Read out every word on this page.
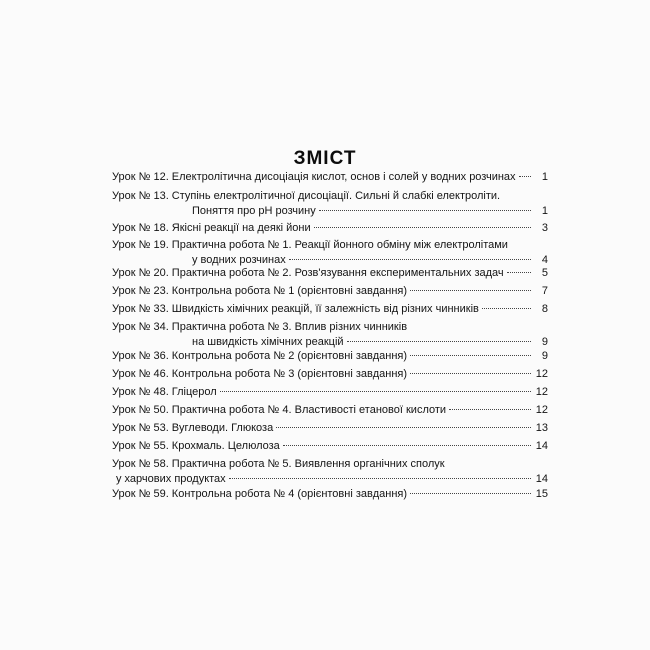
ЗМІСТ
Урок № 12. Електролітична дисоціація кислот, основ і солей у водних розчинах	1
Урок № 13. Ступінь електролітичної дисоціації. Сильні й слабкі електроліти.
Поняття про pH розчину	1
Урок № 18. Якісні реакції на деякі йони	3
Урок № 19. Практична робота № 1. Реакції йонного обміну між електролітами
у водних розчинах	4
Урок № 20. Практична робота № 2. Розв'язування експериментальних задач	5
Урок № 23. Контрольна робота № 1 (орієнтовні завдання)	7
Урок № 33. Швидкість хімічних реакцій, її залежність від різних чинників	8
Урок № 34. Практична робота № 3. Вплив різних чинників
на швидкість хімічних реакцій	9
Урок № 36. Контрольна робота № 2 (орієнтовні завдання)	9
Урок № 46. Контрольна робота № 3 (орієнтовні завдання)	12
Урок № 48. Гліцерол	12
Урок № 50. Практична робота № 4. Властивості етанової кислоти	12
Урок № 53. Вуглеводи. Глюкоза	13
Урок № 55. Крохмаль. Целюлоза	14
Урок № 58. Практична робота № 5. Виявлення органічних сполук
у харчових продуктах	14
Урок № 59. Контрольна робота № 4 (орієнтовні завдання)	15
